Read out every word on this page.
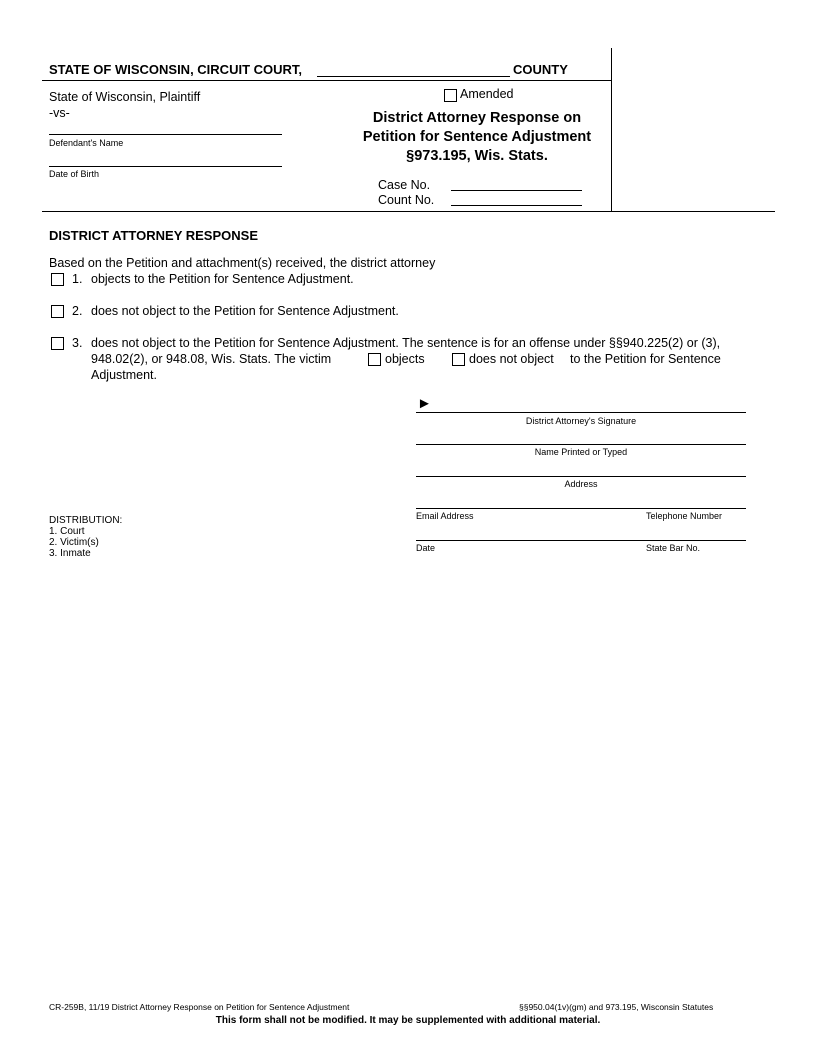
STATE OF WISCONSIN, CIRCUIT COURT,	COUNTY
State of Wisconsin, Plaintiff
-vs-
Defendant's Name
Date of Birth
Amended
District Attorney Response on
Petition for Sentence Adjustment
§973.195, Wis. Stats.
Case No.
Count No.
DISTRICT ATTORNEY RESPONSE
Based on the Petition and attachment(s) received, the district attorney
1. objects to the Petition for Sentence Adjustment.
2. does not object to the Petition for Sentence Adjustment.
3. does not object to the Petition for Sentence Adjustment. The sentence is for an offense under §§940.225(2) or (3),
948.02(2), or 948.08, Wis. Stats. The victim	objects	does not object to the Petition for Sentence
Adjustment.
►
District Attorney's Signature
Name Printed or Typed
Address
Email Address	Telephone Number
Date	State Bar No.
DISTRIBUTION:
1. Court
2. Victim(s)
3. Inmate
CR-259B, 11/19 District Attorney Response on Petition for Sentence Adjustment	§§950.04(1v)(gm) and 973.195, Wisconsin Statutes
This form shall not be modified. It may be supplemented with additional material.
